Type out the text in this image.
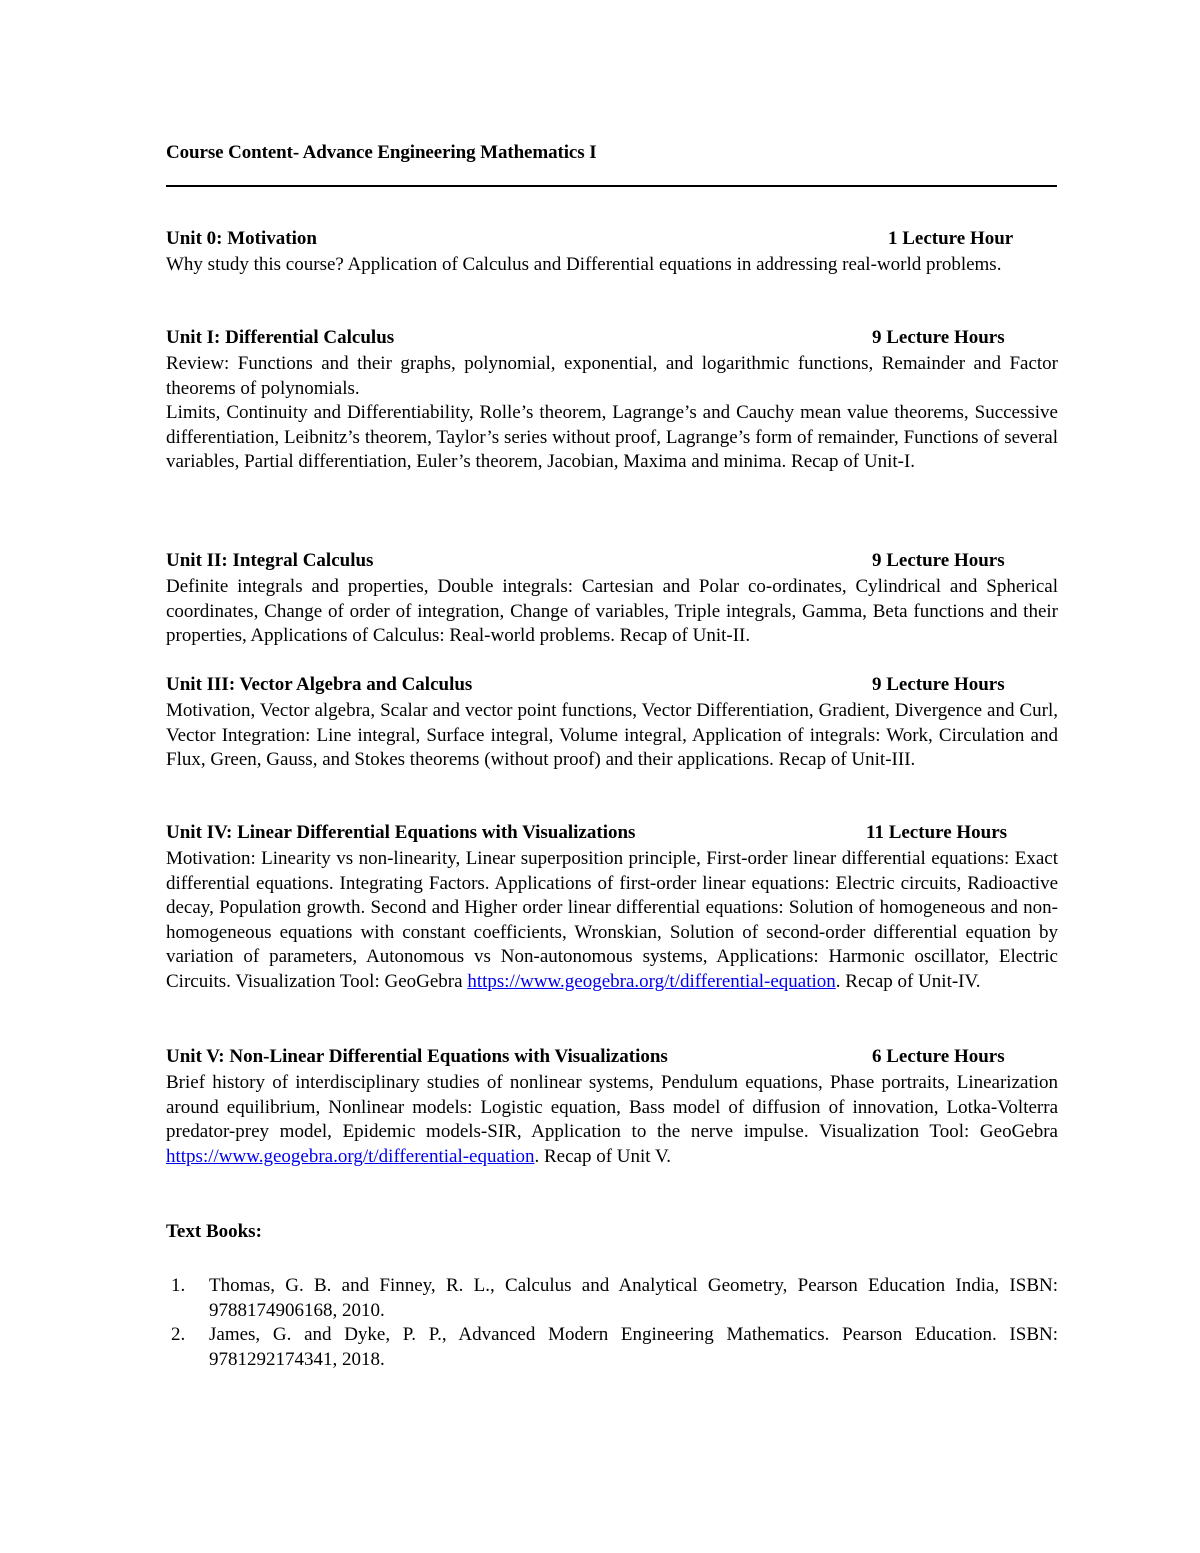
Course Content- Advance Engineering Mathematics I
Unit 0: Motivation	1 Lecture Hour

Why study this course? Application of Calculus and Differential equations in addressing real-world problems.

Unit I: Differential Calculus	9 Lecture Hours

Review: Functions and their graphs, polynomial, exponential, and logarithmic functions, Remainder and Factor theorems of polynomials.

Limits, Continuity and Differentiability, Rolle’s theorem, Lagrange’s and Cauchy mean value theorems, Successive differentiation, Leibnitz’s theorem, Taylor’s series without proof, Lagrange’s form of remainder, Functions of several variables, Partial differentiation, Euler’s theorem, Jacobian, Maxima and minima. Recap of Unit-I.

Unit II: Integral Calculus	9 Lecture Hours

Definite integrals and properties, Double integrals: Cartesian and Polar co-ordinates, Cylindrical and Spherical coordinates, Change of order of integration, Change of variables, Triple integrals, Gamma, Beta functions and their properties, Applications of Calculus: Real-world problems. Recap of Unit-II.

Unit III: Vector Algebra and Calculus	9 Lecture Hours

Motivation, Vector algebra, Scalar and vector point functions, Vector Differentiation, Gradient, Divergence and Curl, Vector Integration: Line integral, Surface integral, Volume integral, Application of integrals: Work, Circulation and Flux, Green, Gauss, and Stokes theorems (without proof) and their applications. Recap of Unit-III.

Unit IV: Linear Differential Equations with Visualizations	11 Lecture Hours

Motivation: Linearity vs non-linearity, Linear superposition principle, First-order linear differential equations: Exact differential equations. Integrating Factors. Applications of first-order linear equations: Electric circuits, Radioactive decay, Population growth. Second and Higher order linear differential equations: Solution of homogeneous and non-homogeneous equations with constant coefficients, Wronskian, Solution of second-order differential equation by variation of parameters, Autonomous vs Non-autonomous systems, Applications: Harmonic oscillator, Electric Circuits. Visualization Tool: GeoGebra https://www.geogebra.org/t/differential-equation. Recap of Unit-IV.

Unit V: Non-Linear Differential Equations with Visualizations	6 Lecture Hours

Brief history of interdisciplinary studies of nonlinear systems, Pendulum equations, Phase portraits, Linearization around equilibrium, Nonlinear models: Logistic equation, Bass model of diffusion of innovation, Lotka-Volterra predator-prey model, Epidemic models-SIR, Application to the nerve impulse. Visualization Tool: GeoGebra https://www.geogebra.org/t/differential-equation. Recap of Unit V.

Text Books:
1. Thomas, G. B. and Finney, R. L., Calculus and Analytical Geometry, Pearson Education India, ISBN: 9788174906168, 2010.
2. James, G. and Dyke, P. P., Advanced Modern Engineering Mathematics. Pearson Education. ISBN: 9781292174341, 2018.
